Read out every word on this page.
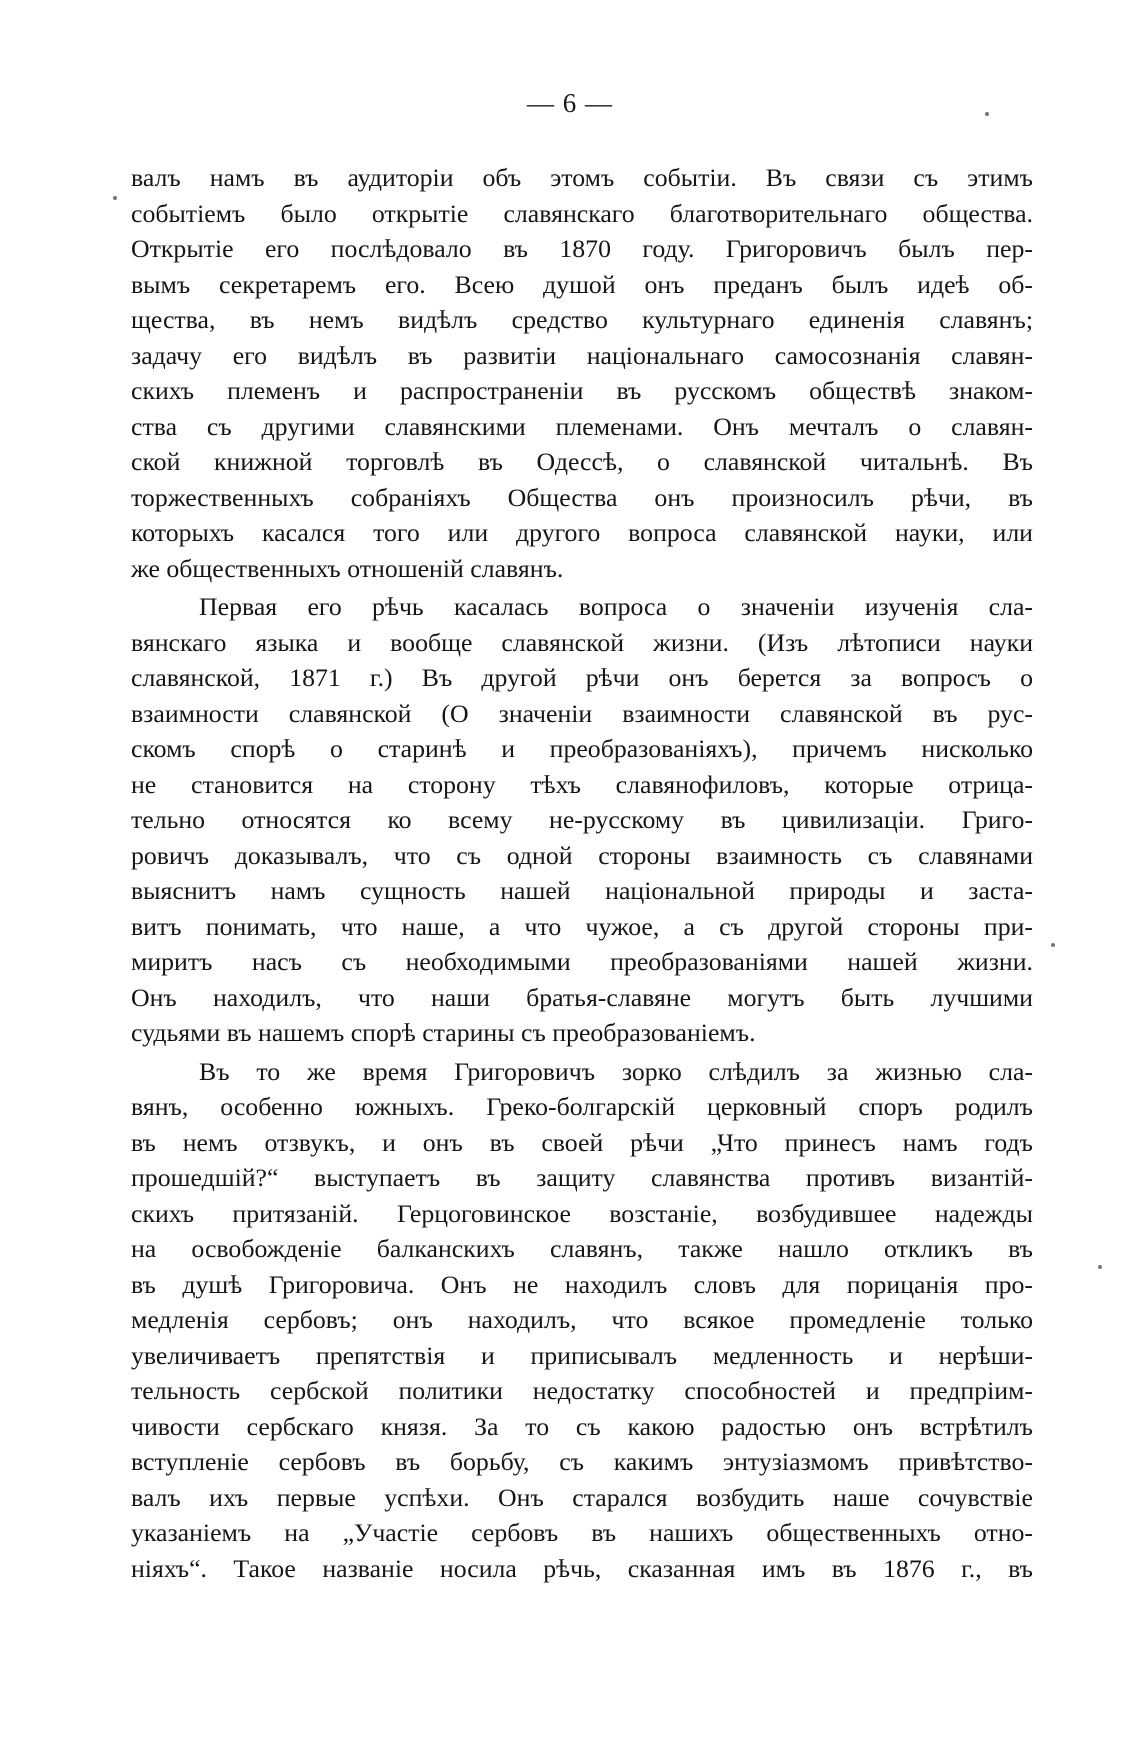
— 6 —
валъ намъ въ аудиторіи объ этомъ событіи. Въ связи съ этимъ
событіемъ было открытіе славянскаго благотворительнаго общества.
Открытіе его послѣдовало въ 1870 году. Григоровичъ былъ пер-
вымъ секретаремъ его. Всею душой онъ преданъ былъ идеѣ об-
щества, въ немъ видѣлъ средство культурнаго единенія славянъ;
задачу его видѣлъ въ развитіи національнаго самосознанія славян-
скихъ племенъ и распространеніи въ русскомъ обществѣ знаком-
ства съ другими славянскими племенами. Онъ мечталъ о славян-
ской книжной торговлѣ въ Одессѣ, о славянской читальнѣ. Въ
торжественныхъ собраніяхъ Общества онъ произносилъ рѣчи, въ
которыхъ касался того или другого вопроса славянской науки, или
же общественныхъ отношеній славянъ.
Первая его рѣчь касалась вопроса о значеніи изученія сла-
вянскаго языка и вообще славянской жизни. (Изъ лѣтописи науки
славянской, 1871 г.) Въ другой рѣчи онъ берется за вопросъ о
взаимности славянской (О значеніи взаимности славянской въ рус-
скомъ спорѣ о старинѣ и преобразованіяхъ), причемъ нисколько
не становится на сторону тѣхъ славянофиловъ, которые отрица-
тельно относятся ко всему не-русскому въ цивилизаціи. Григо-
ровичъ доказывалъ, что съ одной стороны взаимность съ славянами
выяснитъ намъ сущность нашей національной природы и заста-
витъ понимать, что наше, а что чужое, а съ другой стороны при-
миритъ насъ съ необходимыми преобразованіями нашей жизни.
Онъ находилъ, что наши братья-славяне могутъ быть лучшими
судьями въ нашемъ спорѣ старины съ преобразованіемъ.
Въ то же время Григоровичъ зорко слѣдилъ за жизнью сла-
вянъ, особенно южныхъ. Греко-болгарскій церковный споръ родилъ
въ немъ отзвукъ, и онъ въ своей рѣчи „Что принесъ намъ годъ
прошедшій?“ выступаетъ въ защиту славянства противъ византій-
скихъ притязаній. Герцоговинское возстаніе, возбудившее надежды
на освобожденіе балканскихъ славянъ, также нашло откликъ въ
въ душѣ Григоровича. Онъ не находилъ словъ для порицанія про-
медленія сербовъ; онъ находилъ, что всякое промедленіе только
увеличиваетъ препятствія и приписывалъ медленность и нерѣши-
тельность сербской политики недостатку способностей и предпріим-
чивости сербскаго князя. За то съ какою радостью онъ встрѣтилъ
вступленіе сербовъ въ борьбу, съ какимъ энтузіазмомъ привѣтство-
валъ ихъ первые успѣхи. Онъ старался возбудить наше сочувствіе
указаніемъ на „Участіе сербовъ въ нашихъ общественныхъ отно-
ніяхъ“. Такое названіе носила рѣчь, сказанная имъ въ 1876 г., въ
